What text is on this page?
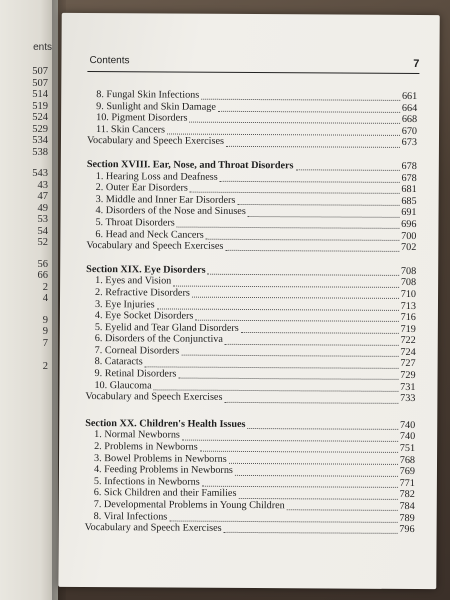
ents
507
507
514
519
524
529
534
538
543
43
47
49
53
54
52
56
66
2
4
9
9
7
2
Contents	7
8. Fungal Skin Infections	661
9. Sunlight and Skin Damage	664
10. Pigment Disorders	668
11. Skin Cancers	670
Vocabulary and Speech Exercises	673
Section XVIII. Ear, Nose, and Throat Disorders	678
1. Hearing Loss and Deafness	678
2. Outer Ear Disorders	681
3. Middle and Inner Ear Disorders	685
4. Disorders of the Nose and Sinuses	691
5. Throat Disorders	696
6. Head and Neck Cancers	700
Vocabulary and Speech Exercises	702
Section XIX. Eye Disorders	708
1. Eyes and Vision	708
2. Refractive Disorders	710
3. Eye Injuries	713
4. Eye Socket Disorders	716
5. Eyelid and Tear Gland Disorders	719
6. Disorders of the Conjunctiva	722
7. Corneal Disorders	724
8. Cataracts	727
9. Retinal Disorders	729
10. Glaucoma	731
Vocabulary and Speech Exercises	733
Section XX. Children's Health Issues	740
1. Normal Newborns	740
2. Problems in Newborns	751
3. Bowel Problems in Newborns	768
4. Feeding Problems in Newborns	769
5. Infections in Newborns	771
6. Sick Children and their Families	782
7. Developmental Problems in Young Children	784
8. Viral Infections	789
Vocabulary and Speech Exercises	796
